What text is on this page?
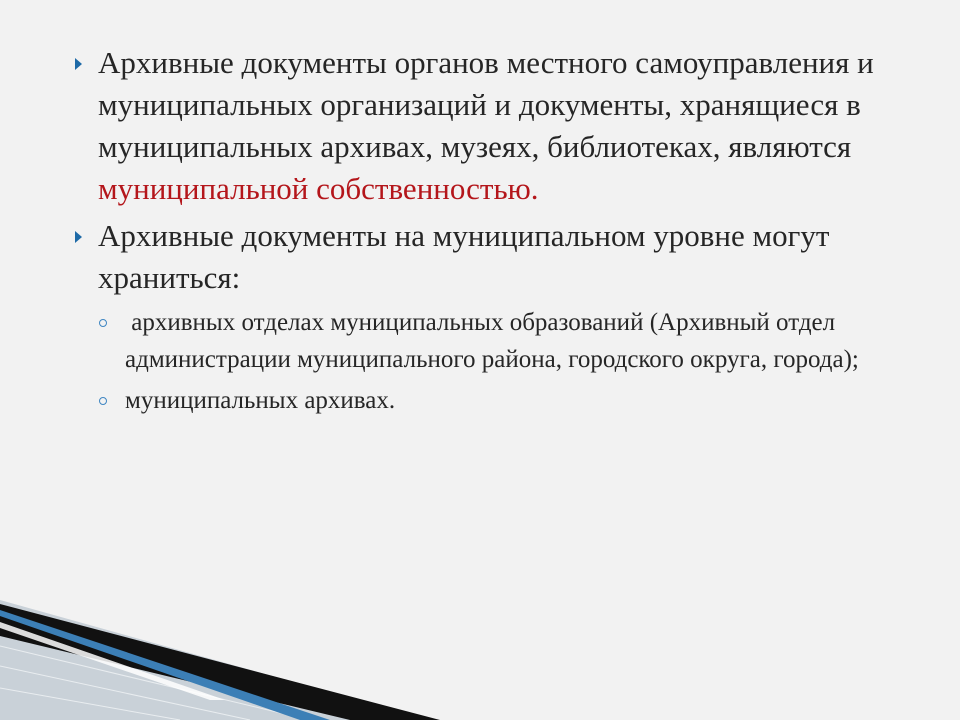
Архивные документы органов местного самоуправления и муниципальных организаций и документы, хранящиеся в муниципальных архивах, музеях, библиотеках, являются муниципальной собственностью.
Архивные документы на муниципальном уровне могут храниться:
архивных отделах муниципальных образований (Архивный отдел администрации муниципального района, городского округа, города);
муниципальных архивах.
